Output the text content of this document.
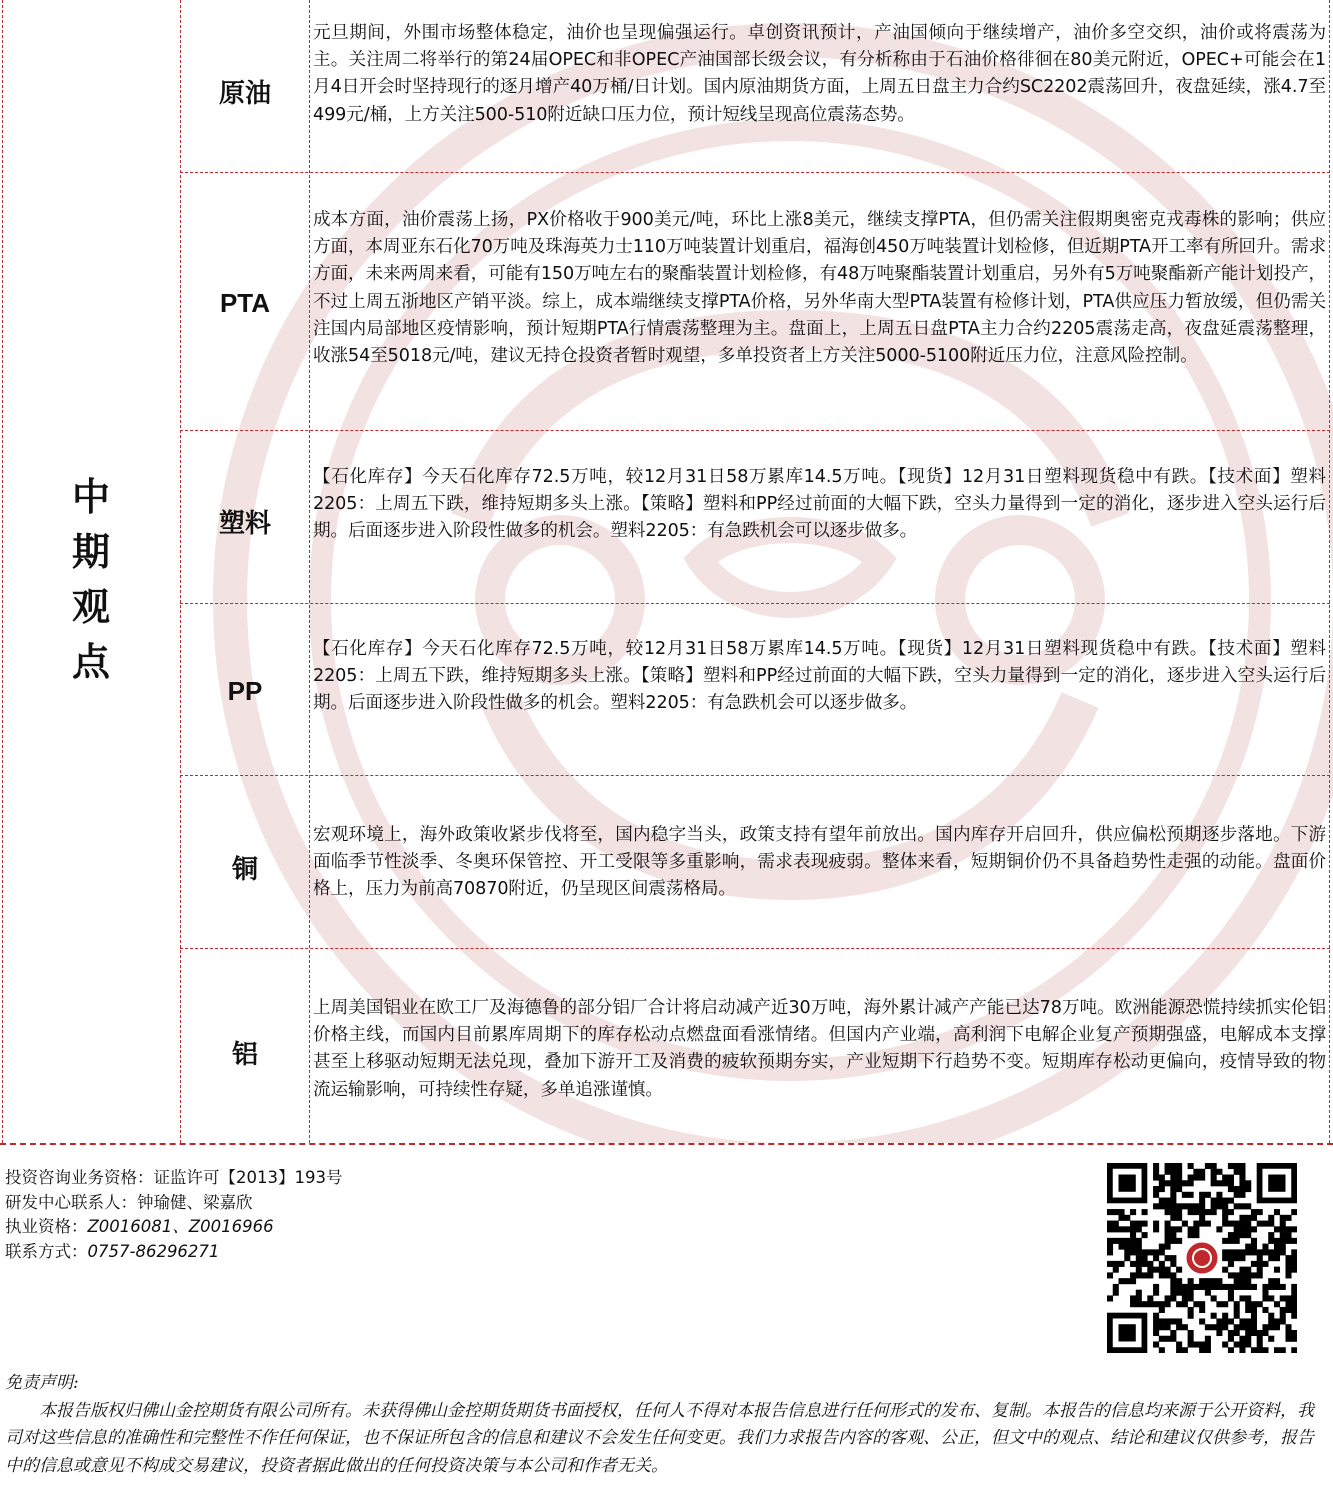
中
期
观
点
原油
元旦期间，外围市场整体稳定，油价也呈现偏强运行。卓创资讯预计，产油国倾向于继续增产，油价多空交织，油价或将震荡为主。关注周二将举行的第24届OPEC和非OPEC产油国部长级会议，有分析称由于石油价格徘徊在80美元附近，OPEC+可能会在1月4日开会时坚持现行的逐月增产40万桶/日计划。国内原油期货方面，上周五日盘主力合约SC2202震荡回升，夜盘延续，涨4.7至499元/桶，上方关注500-510附近缺口压力位，预计短线呈现高位震荡态势。
PTA
成本方面，油价震荡上扬，PX价格收于900美元/吨，环比上涨8美元，继续支撑PTA，但仍需关注假期奥密克戎毒株的影响；供应方面，本周亚东石化70万吨及珠海英力士110万吨装置计划重启，福海创450万吨装置计划检修，但近期PTA开工率有所回升。需求方面，未来两周来看，可能有150万吨左右的聚酯装置计划检修，有48万吨聚酯装置计划重启，另外有5万吨聚酯新产能计划投产，不过上周五浙地区产销平淡。综上，成本端继续支撑PTA价格，另外华南大型PTA装置有检修计划，PTA供应压力暂放缓，但仍需关注国内局部地区疫情影响，预计短期PTA行情震荡整理为主。盘面上，上周五日盘PTA主力合约2205震荡走高，夜盘延震荡整理，收涨54至5018元/吨，建议无持仓投资者暂时观望，多单投资者上方关注5000-5100附近压力位，注意风险控制。
塑料
【石化库存】今天石化库存72.5万吨，较12月31日58万累库14.5万吨。【现货】12月31日塑料现货稳中有跌。【技术面】塑料2205：上周五下跌，维持短期多头上涨。【策略】塑料和PP经过前面的大幅下跌，空头力量得到一定的消化，逐步进入空头运行后期。后面逐步进入阶段性做多的机会。塑料2205：有急跌机会可以逐步做多。
PP
【石化库存】今天石化库存72.5万吨，较12月31日58万累库14.5万吨。【现货】12月31日塑料现货稳中有跌。【技术面】塑料2205：上周五下跌，维持短期多头上涨。【策略】塑料和PP经过前面的大幅下跌，空头力量得到一定的消化，逐步进入空头运行后期。后面逐步进入阶段性做多的机会。塑料2205：有急跌机会可以逐步做多。
铜
宏观环境上，海外政策收紧步伐将至，国内稳字当头，政策支持有望年前放出。国内库存开启回升，供应偏松预期逐步落地。下游面临季节性淡季、冬奥环保管控、开工受限等多重影响，需求表现疲弱。整体来看，短期铜价仍不具备趋势性走强的动能。盘面价格上，压力为前高70870附近，仍呈现区间震荡格局。
铝
上周美国铝业在欧工厂及海德鲁的部分铝厂合计将启动减产近30万吨，海外累计减产产能已达78万吨。欧洲能源恐慌持续抓实伦铝价格主线，而国内目前累库周期下的库存松动点燃盘面看涨情绪。但国内产业端，高利润下电解企业复产预期强盛，电解成本支撑甚至上移驱动短期无法兑现，叠加下游开工及消费的疲软预期夯实，产业短期下行趋势不变。短期库存松动更偏向，疫情导致的物流运输影响，可持续性存疑，多单追涨谨慎。
投资咨询业务资格：证监许可【2013】193号
研发中心联系人：钟瑜健、梁嘉欣
执业资格：Z0016081、Z0016966
联系方式：0757-86296271

免责声明:

本报告版权归佛山金控期货有限公司所有。未获得佛山金控期货期货书面授权，任何人不得对本报告信息进行任何形式的发布、复制。本报告的信息均来源于公开资料，我司对这些信息的准确性和完整性不作任何保证，也不保证所包含的信息和建议不会发生任何变更。我们力求报告内容的客观、公正，但文中的观点、结论和建议仅供参考，报告中的信息或意见不构成交易建议，投资者据此做出的任何投资决策与本公司和作者无关。
